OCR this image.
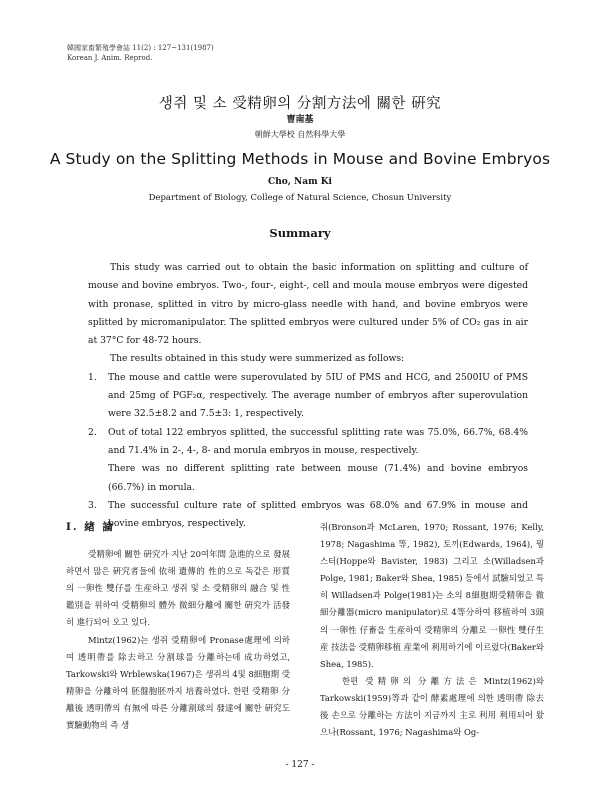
韓國家畜繁殖學會誌 11(2) : 127~131(1987)
Korean J. Anim. Reprod.
생쥐 및 소 受精卵의 分割方法에 關한 硏究
曺南基
朝鮮大學校 自然科學大學
A Study on the Splitting Methods in Mouse and Bovine Embryos
Cho, Nam Ki
Department of Biology, College of Natural Science, Chosun University
Summary

This study was carried out to obtain the basic information on splitting and culture of mouse and bovine embryos. Two-, four-, eight-, cell and moula mouse embryos were digested with pronase, splitted in vitro by micro-glass needle with hand, and bovine embryos were splitted by micromanipulator. The splitted embryos were cultured under 5% of CO₂ gas in air at 37°C for 48-72 hours.

The results obtained in this study were summerized as follows:

1. The mouse and cattle were superovulated by 5IU of PMS and HCG, and 2500IU of PMS and 25mg of PGF₂α, respectively. The average number of embryos after superovulation were 32.5±8.2 and 7.5±3: 1, respectively.

2. Out of total 122 embryos splitted, the successful splitting rate was 75.0%, 66.7%, 68.4% and 71.4% in 2-, 4-, 8- and morula embryos in mouse, respectively.

There was no different splitting rate between mouse (71.4%) and bovine embryos (66.7%) in morula.

3. The successful culture rate of splitted embryos was 68.0% and 67.9% in mouse and bovine embryos, respectively.

I. 緖 論

受精卵에 關한 硏究가 지난 20여年間 急進的으로 發展하면서 많은 硏究者들에 依해 遺傳的 性的으로 독같은 形質의 一卵性 雙仔를 生産하고 생쥐 및 소 受精卵의 融合 및 性鑑別을 위하여 受精卵의 體外 微細分離에 關한 硏究가 活發히 進行되어 오고 있다.

Mintz(1962)는 생쥐 受精卵에 Pronase處理에 의하여 透明帶를 除去하고 分割球를 分離하는데 成功하였고, Tarkowski와 Wrblewska(1967)은 생쥐의 4및 8細胞期 受精卵을 分離하여 胚盤胞胚까지 培養하였다. 한편 受精卵 分離後 透明帶의 有無에 따른 分離割球의 發達에 關한 硏究도 實驗動物의 즉 생

쥐(Bronson과 McLaren, 1970; Rossant, 1976; Kelly, 1978; Nagashima 等, 1982), 토끼(Edwards, 1964), 뭥스터(Hoppe와 Bavister, 1983) 그리고 소(Willadsen과 Polge, 1981; Baker와 Shea, 1985) 등에서 試驗되었고 특히 Willadsen과 Polge(1981)는 소의 8細胞期受精卵을 微細分離器(micro manipulator)로 4等分하여 移植하여 3頭의 一卵性 仔畜을 生産하여 受精卵의 分離로 一卵性 雙仔生産 技法을 受精卵移植 産業에 利用하기에 이르렀다(Baker와 Shea, 1985).

한편 受精卵의 分離方法은 Mintz(1962)와 Tarkowski(1959)等과 같이 酵素處理에 의한 透明帶 除去後 손으로 分離하는 方法이 지금까지 主로 利用 利用되어 왔으나(Rossant, 1976; Nagashima와 Og-

- 127 -
